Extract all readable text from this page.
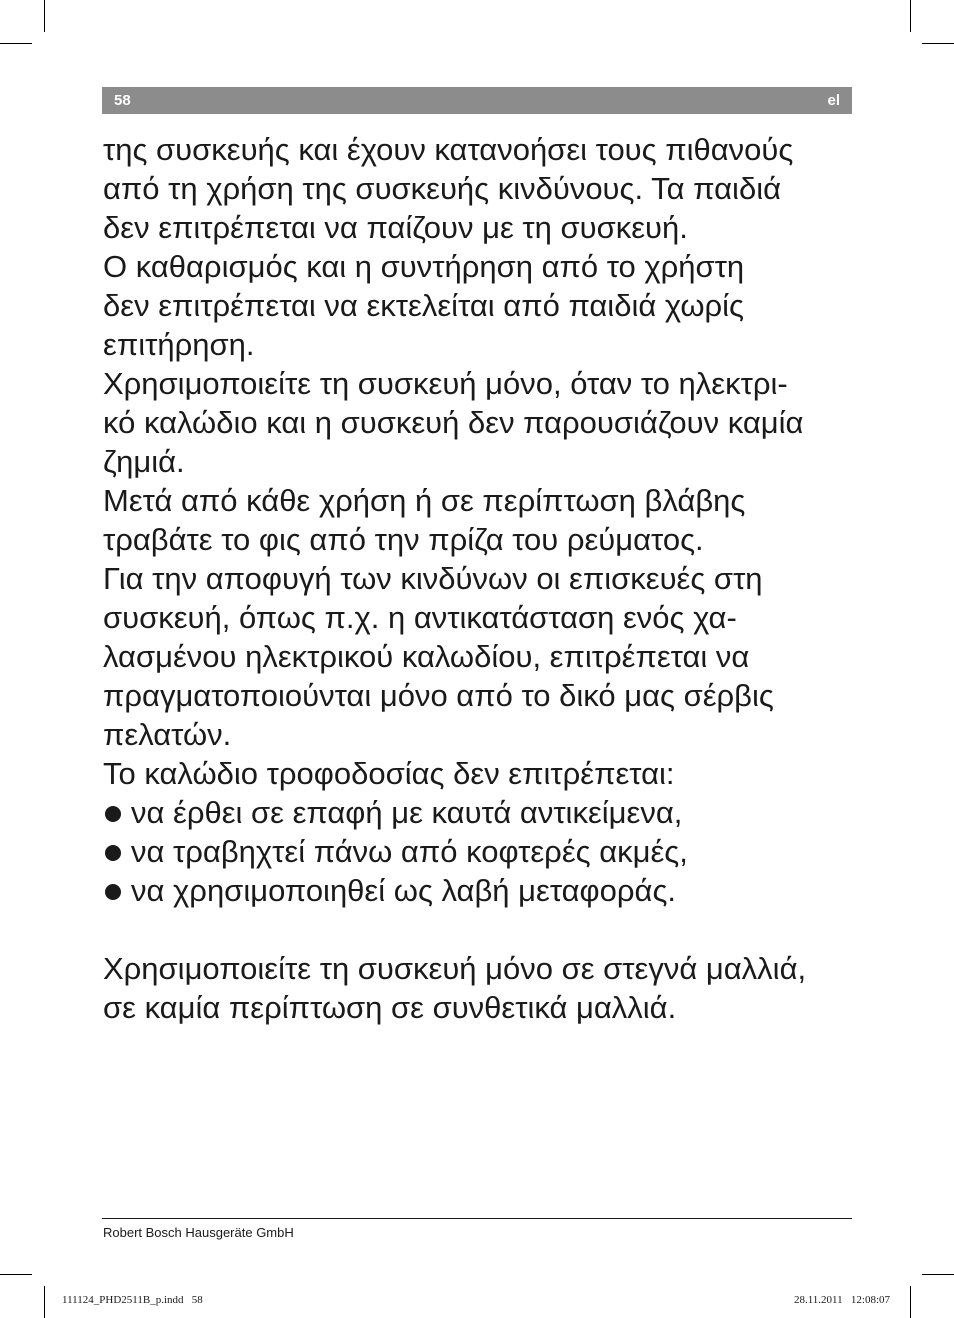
58	el
της συσκευής και έχουν κατανοήσει τους πιθανούς
από τη χρήση της συσκευής κινδύνους. Τα παιδιά
δεν επιτρέπεται να παίζουν με τη συσκευή.
Ο καθαρισμός και η συντήρηση από το χρήστη
δεν επιτρέπεται να εκτελείται από παιδιά χωρίς
επιτήρηση.
Χρησιμοποιείτε τη συσκευή μόνο, όταν το ηλεκτρι-
κό καλώδιο και η συσκευή δεν παρουσιάζουν καμία
ζημιά.
Μετά από κάθε χρήση ή σε περίπτωση βλάβης
τραβάτε το φις από την πρίζα του ρεύματος.
Για την αποφυγή των κινδύνων οι επισκευές στη
συσκευή, όπως π.χ. η αντικατάσταση ενός χα-
λασμένου ηλεκτρικού καλωδίου, επιτρέπεται να
πραγματοποιούνται μόνο από το δικό μας σέρβις
πελατών.
Το καλώδιο τροφοδοσίας δεν επιτρέπεται:
να έρθει σε επαφή με καυτά αντικείμενα,
να τραβηχτεί πάνω από κοφτερές ακμές,
να χρησιμοποιηθεί ως λαβή μεταφοράς.
Χρησιμοποιείτε τη συσκευή μόνο σε στεγνά μαλλιά,
σε καμία περίπτωση σε συνθετικά μαλλιά.
Robert Bosch Hausgeräte GmbH
111124_PHD2511B_p.indd   58	28.11.2011   12:08:07
